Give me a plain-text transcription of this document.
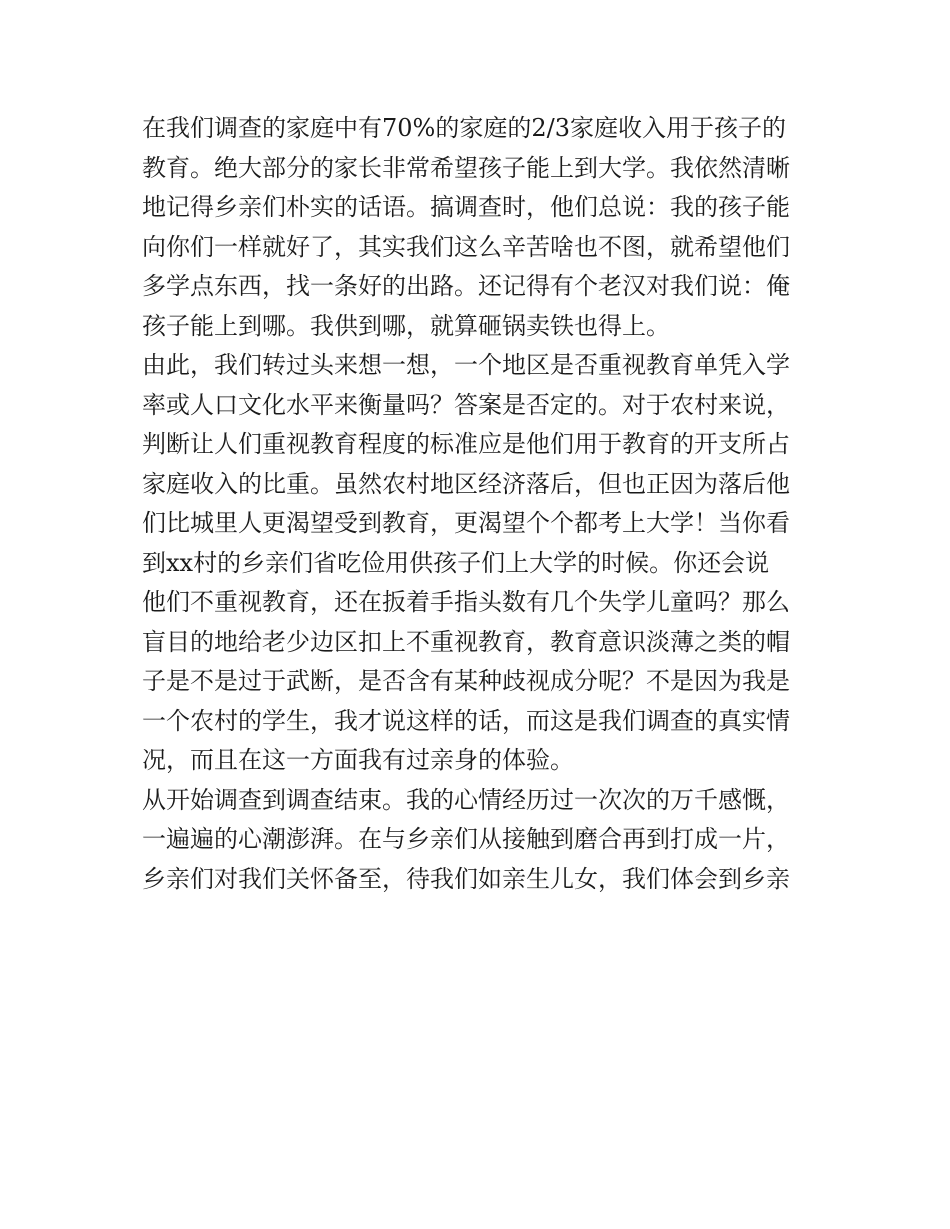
在我们调查的家庭中有70%的家庭的2/3家庭收入用于孩子的
教育。绝大部分的家长非常希望孩子能上到大学。我依然清晰
地记得乡亲们朴实的话语。搞调查时，他们总说：我的孩子能
向你们一样就好了，其实我们这么辛苦啥也不图，就希望他们
多学点东西，找一条好的出路。还记得有个老汉对我们说：俺
孩子能上到哪。我供到哪，就算砸锅卖铁也得上。
由此，我们转过头来想一想，一个地区是否重视教育单凭入学
率或人口文化水平来衡量吗？答案是否定的。对于农村来说，
判断让人们重视教育程度的标准应是他们用于教育的开支所占
家庭收入的比重。虽然农村地区经济落后，但也正因为落后他
们比城里人更渴望受到教育，更渴望个个都考上大学！当你看
到xx村的乡亲们省吃俭用供孩子们上大学的时候。你还会说
他们不重视教育，还在扳着手指头数有几个失学儿童吗？那么
盲目的地给老少边区扣上不重视教育，教育意识淡薄之类的帽
子是不是过于武断，是否含有某种歧视成分呢？不是因为我是
一个农村的学生，我才说这样的话，而这是我们调查的真实情
况，而且在这一方面我有过亲身的体验。
从开始调查到调查结束。我的心情经历过一次次的万千感慨，
一遍遍的心潮澎湃。在与乡亲们从接触到磨合再到打成一片，
乡亲们对我们关怀备至，待我们如亲生儿女，我们体会到乡亲
